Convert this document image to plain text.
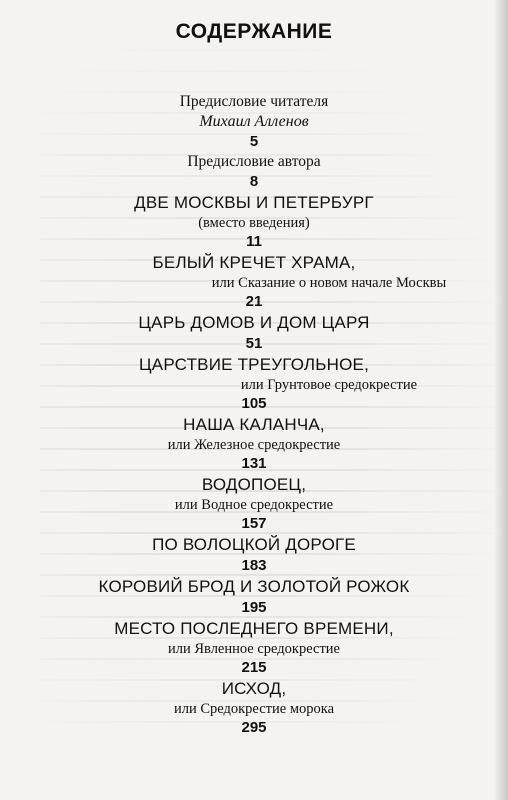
СОДЕРЖАНИЕ
Предисловие читателя
Михаил Алленов
5
Предисловие автора
8
ДВЕ МОСКВЫ И ПЕТЕРБУРГ
(вместо введения)
11
БЕЛЫЙ КРЕЧЕТ ХРАМА,
или Сказание о новом начале Москвы
21
ЦАРЬ ДОМОВ И ДОМ ЦАРЯ
51
ЦАРСТВИЕ ТРЕУГОЛЬНОЕ,
или Грунтовое средокрестие
105
НАША КАЛАНЧА,
или Железное средокрестие
131
ВОДОПОЕЦ,
или Водное средокрестие
157
ПО ВОЛОЦКОЙ ДОРОГЕ
183
КОРОВИЙ БРОД И ЗОЛОТОЙ РОЖОК
195
МЕСТО ПОСЛЕДНЕГО ВРЕМЕНИ,
или Явленное средокрестие
215
ИСХОД,
или Средокрестие морока
295
